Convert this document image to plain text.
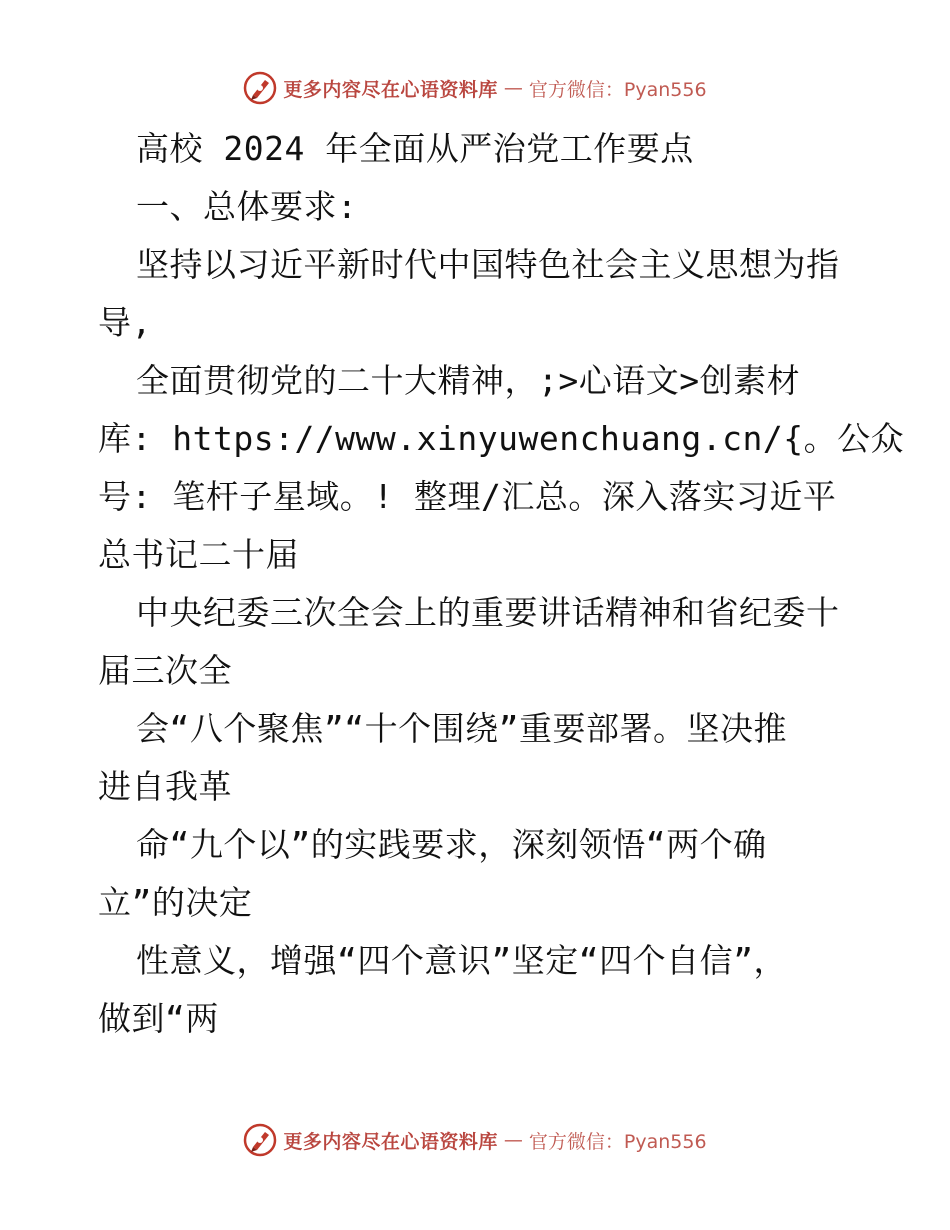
更多内容尽在心语资料库 — 官方微信：Pyan556
高校 2024 年全面从严治党工作要点
一、总体要求:
坚持以习近平新时代中国特色社会主义思想为指
导,
全面贯彻党的二十大精神，;>心语文>创素材
库: https://www.xinyuwenchuang.cn/{。公众
号: 笔杆子星域。! 整理/汇总。深入落实习近平
总书记二十届
中央纪委三次全会上的重要讲话精神和省纪委十
届三次全
会“八个聚焦”“十个围绕”重要部署。坚决推
进自我革
命“九个以”的实践要求，深刻领悟“两个确
立”的决定
性意义，增强“四个意识”坚定“四个自信”，
做到“两
更多内容尽在心语资料库 — 官方微信：Pyan556
